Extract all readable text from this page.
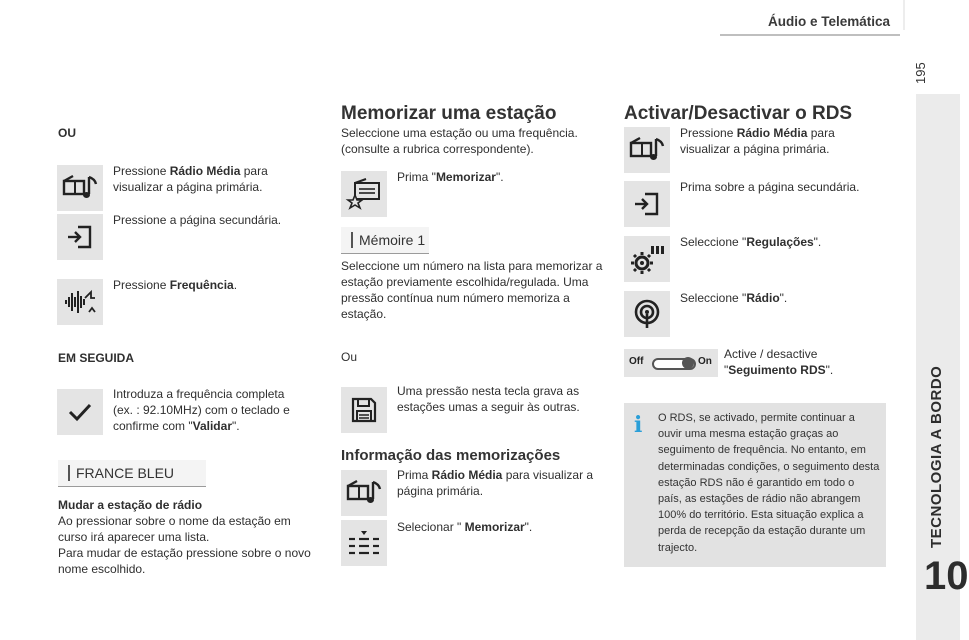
Áudio e Telemática
195
TECNOLOGIA A BORDO
10
OU
Pressione Rádio Média para visualizar a página primária.
Pressione a página secundária.
Pressione Frequência.
EM SEGUIDA
Introduza a frequência completa (ex. : 92.10MHz) com o teclado e confirme com "Validar".
FRANCE BLEU
Mudar a estação de rádio
Ao pressionar sobre o nome da estação em curso irá aparecer uma lista.
Para mudar de estação pressione sobre o novo nome escolhido.
Memorizar uma estação
Seleccione uma estação ou uma frequência. (consulte a rubrica correspondente).
Prima "Memorizar".
Mémoire 1
Seleccione um número na lista para memorizar a estação previamente escolhida/regulada. Uma pressão contínua num número memoriza a estação.
Ou
Uma pressão nesta tecla grava as estações umas a seguir às outras.
Informação das memorizações
Prima Rádio Média para visualizar a página primária.
Selecionar " Memorizar".
Activar/Desactivar o RDS
Pressione Rádio Média para visualizar a página primária.
Prima sobre a página secundária.
Seleccione "Regulações".
Seleccione "Rádio".
Off	On
Active / desactive "Seguimento RDS".
i O RDS, se activado, permite continuar a ouvir uma mesma estação graças ao seguimento de frequência. No entanto, em determinadas condições, o seguimento desta estação RDS não é garantido em todo o país, as estações de rádio não abrangem 100% do território. Esta situação explica a perda de recepção da estação durante um trajecto.
